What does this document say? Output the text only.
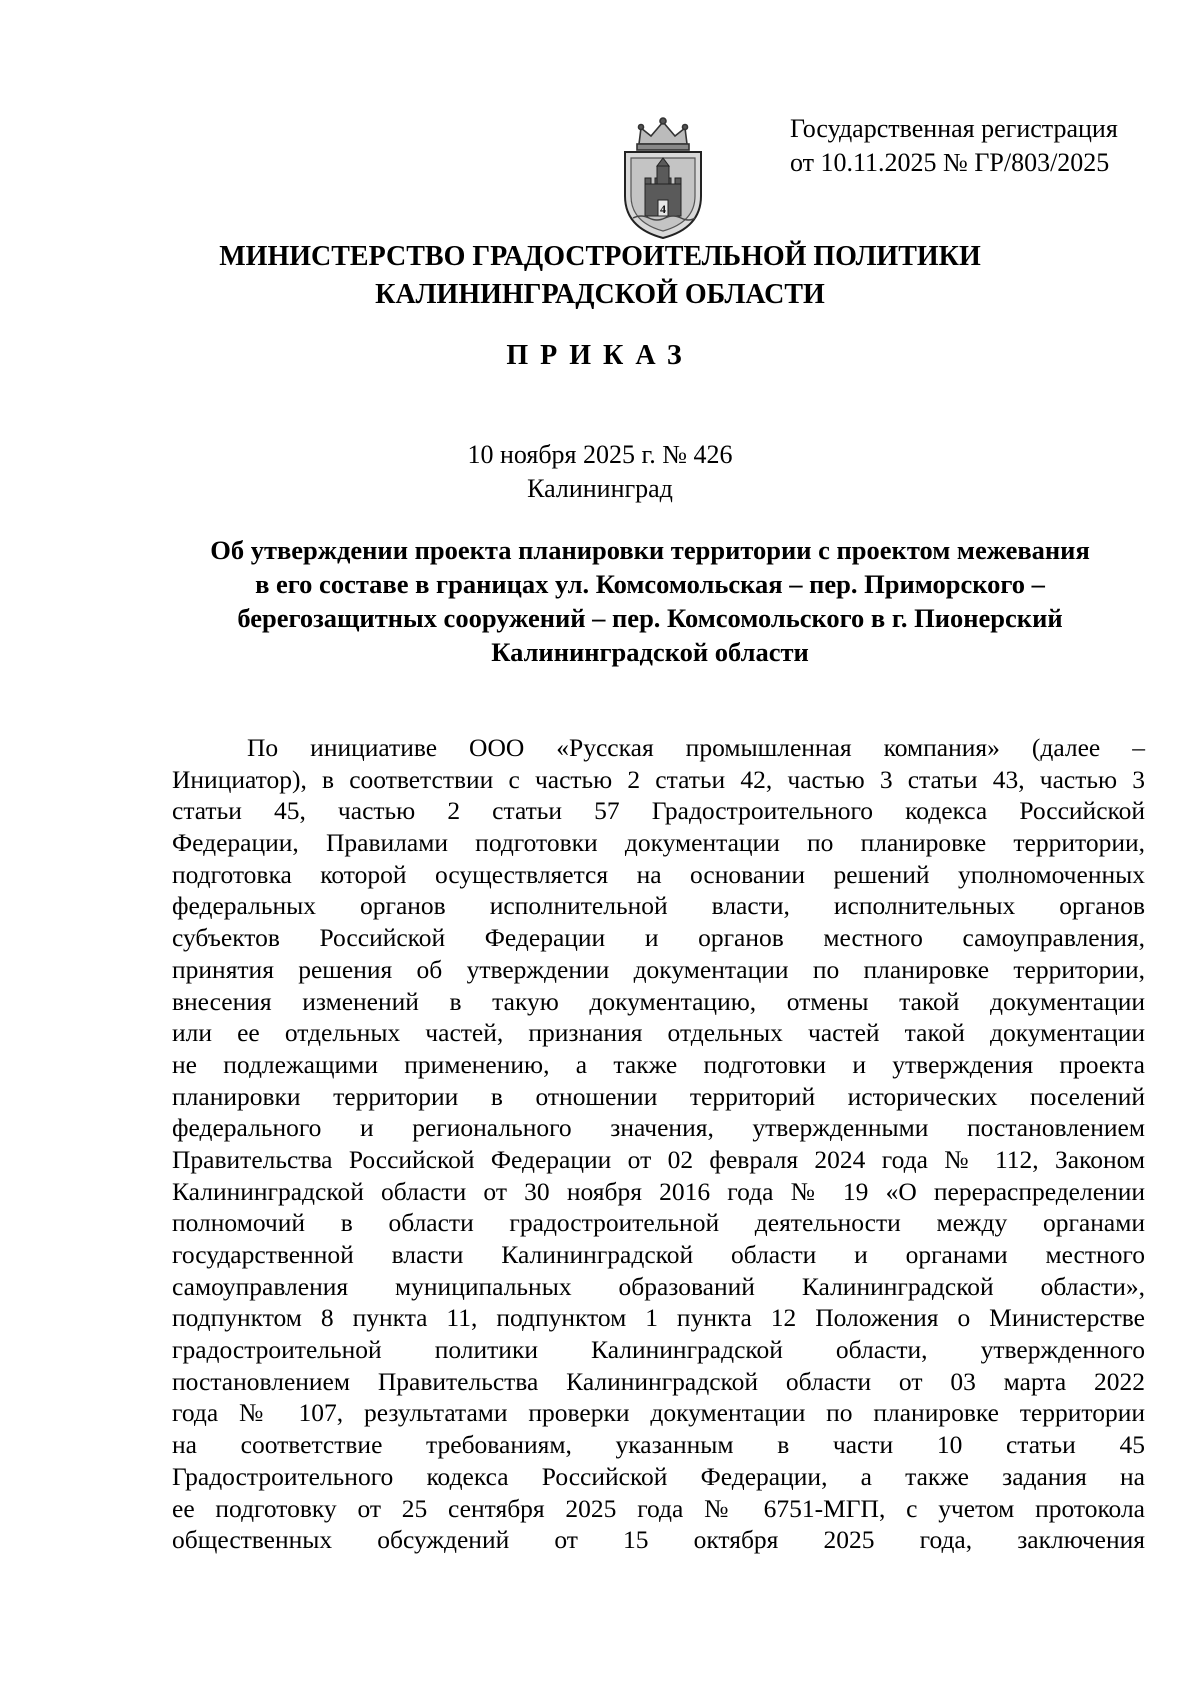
Государственная регистрация
от 10.11.2025 № ГР/803/2025
4
МИНИСТЕРСТВО ГРАДОСТРОИТЕЛЬНОЙ ПОЛИТИКИ
КАЛИНИНГРАДСКОЙ ОБЛАСТИ
ПРИКАЗ
10 ноября 2025 г. № 426
Калининград
Об утверждении проекта планировки территории с проектом межевания
в его составе в границах ул. Комсомольская – пер. Приморского –
берегозащитных сооружений – пер. Комсомольского в г. Пионерский
Калининградской области
По инициативе ООО «Русская промышленная компания» (далее –
Инициатор), в соответствии с частью 2 статьи 42, частью 3 статьи 43, частью 3
статьи 45, частью 2 статьи 57 Градостроительного кодекса Российской
Федерации, Правилами подготовки документации по планировке территории,
подготовка которой осуществляется на основании решений уполномоченных
федеральных органов исполнительной власти, исполнительных органов
субъектов Российской Федерации и органов местного самоуправления,
принятия решения об утверждении документации по планировке территории,
внесения изменений в такую документацию, отмены такой документации
или ее отдельных частей, признания отдельных частей такой документации
не подлежащими применению, а также подготовки и утверждения проекта
планировки территории в отношении территорий исторических поселений
федерального и регионального значения, утвержденными постановлением
Правительства Российской Федерации от 02 февраля 2024 года № 112, Законом
Калининградской области от 30 ноября 2016 года № 19 «О перераспределении
полномочий в области градостроительной деятельности между органами
государственной власти Калининградской области и органами местного
самоуправления муниципальных образований Калининградской области»,
подпунктом 8 пункта 11, подпунктом 1 пункта 12 Положения о Министерстве
градостроительной политики Калининградской области, утвержденного
постановлением Правительства Калининградской области от 03 марта 2022
года № 107, результатами проверки документации по планировке территории
на соответствие требованиям, указанным в части 10 статьи 45
Градостроительного кодекса Российской Федерации, а также задания на
ее подготовку от 25 сентября 2025 года № 6751-МГП, с учетом протокола
общественных обсуждений от 15 октября 2025 года, заключения
